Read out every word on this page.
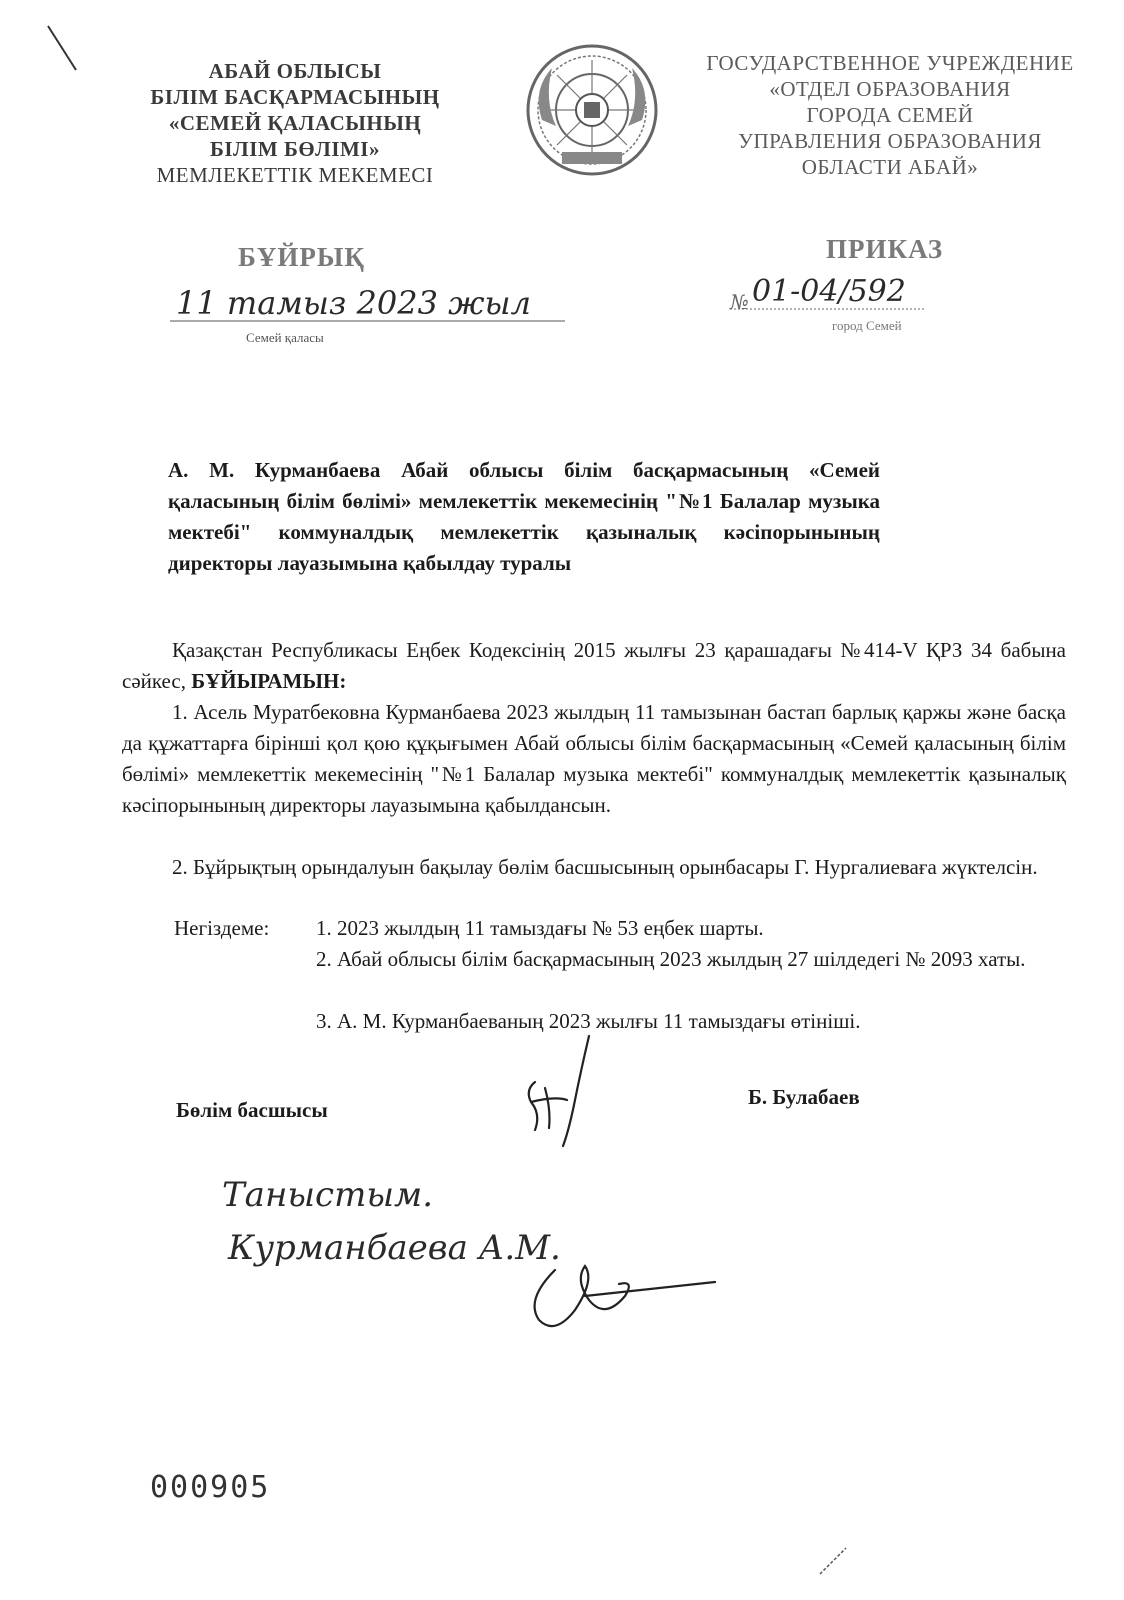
АБАЙ ОБЛЫСЫ
БІЛІМ БАСҚАРМАСЫНЫҢ
«СЕМЕЙ ҚАЛАСЫНЫҢ
БІЛІМ БӨЛІМІ»
МЕМЛЕКЕТТІК МЕКЕМЕСІ
ГОСУДАРСТВЕННОЕ УЧРЕЖДЕНИЕ
«ОТДЕЛ ОБРАЗОВАНИЯ
ГОРОДА СЕМЕЙ
УПРАВЛЕНИЯ ОБРАЗОВАНИЯ
ОБЛАСТИ АБАЙ»
БҰЙРЫҚ	ПРИКАЗ
11 тамыз 2023 жыл
Семей қаласы
№ 01-04/592
город Семей
А. М. Курманбаева Абай облысы білім басқармасының «Семей қаласының білім бөлімі» мемлекеттік мекемесінің "№1 Балалар музыка мектебі" коммуналдық мемлекеттік қазыналық кәсіпорынының директоры лауазымына қабылдау туралы
Қазақстан Республикасы Еңбек Кодексінің 2015 жылғы 23 қарашадағы №414-V ҚРЗ 34 бабына сәйкес, БҰЙЫРАМЫН:
1. Асель Муратбековна Курманбаева 2023 жылдың 11 тамызынан бастап барлық қаржы және басқа да құжаттарға бірінші қол қою құқығымен Абай облысы білім басқармасының «Семей қаласының білім бөлімі» мемлекеттік мекемесінің "№1 Балалар музыка мектебі" коммуналдық мемлекеттік қазыналық кәсіпорынының директоры лауазымына қабылдансын.
2. Бұйрықтың орындалуын бақылау бөлім басшысының орынбасары Г. Нургалиеваға жүктелсін.
Негіздеме: 1. 2023 жылдың 11 тамыздағы № 53 еңбек шарты.
2. Абай облысы білім басқармасының 2023 жылдың 27 шілдедегі № 2093 хаты.
3. А. М. Курманбаеваның 2023 жылғы 11 тамыздағы өтініші.
Бөлім басшысы
Б. Булабаев
Таныстым.
Курманбаева А.М.
000905
